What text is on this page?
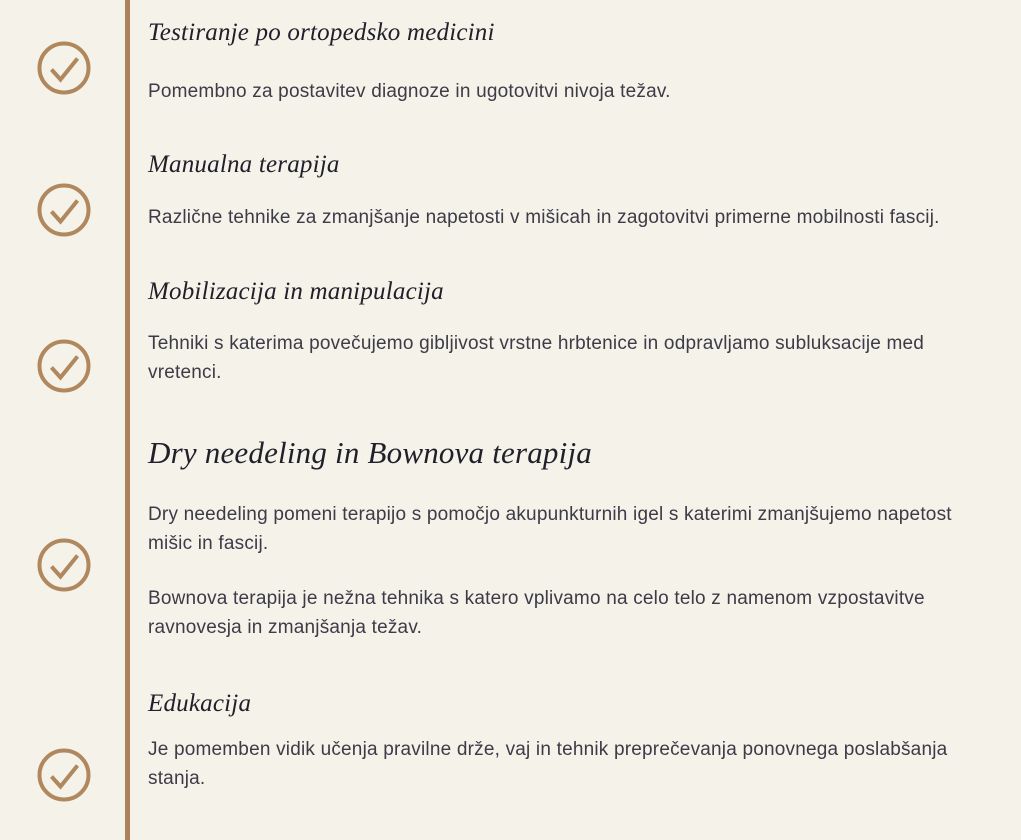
Testiranje po ortopedsko medicini

Pomembno za postavitev diagnoze in ugotovitvi nivoja težav.

Manualna terapija

Različne tehnike za zmanjšanje napetosti v mišicah in zagotovitvi primerne mobilnosti fascij.

Mobilizacija in manipulacija

Tehniki s katerima povečujemo gibljivost vrstne hrbtenice in odpravljamo subluksacije med vretenci.

Dry needeling in Bownova terapija

Dry needeling pomeni terapijo s pomočjo akupunkturnih igel s katerimi zmanjšujemo napetost mišic in fascij.

Bownova terapija je nežna tehnika s katero vplivamo na celo telo z namenom vzpostavitve ravnovesja in zmanjšanja težav.

Edukacija

Je pomemben vidik učenja pravilne drže, vaj in tehnik preprečevanja ponovnega poslabšanja stanja.
